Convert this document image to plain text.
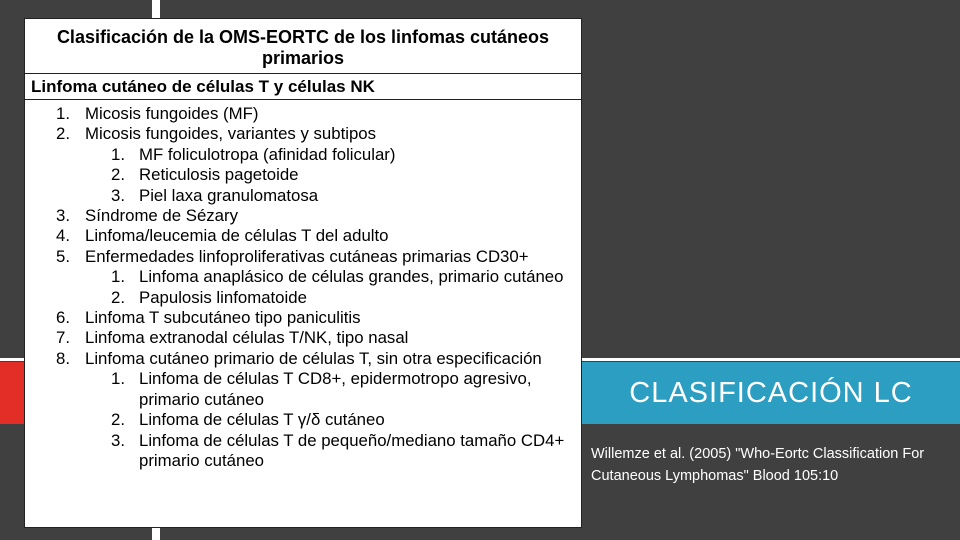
Clasificación de la OMS-EORTC de los linfomas cutáneos primarios
Linfoma cutáneo de células T y células NK
1. Micosis fungoides (MF)
2. Micosis fungoides, variantes y subtipos
1. MF foliculotropa (afinidad folicular)
2. Reticulosis pagetoide
3. Piel laxa granulomatosa
3. Síndrome de Sézary
4. Linfoma/leucemia de células T del adulto
5. Enfermedades linfoproliferativas cutáneas primarias CD30+
1. Linfoma anaplásico de células grandes, primario cutáneo
2. Papulosis linfomatoide
6. Linfoma T subcutáneo tipo paniculitis
7. Linfoma extranodal células T/NK, tipo nasal
8. Linfoma cutáneo primario de células T, sin otra especificación
1. Linfoma de células T CD8+, epidermotropo agresivo, primario cutáneo
2. Linfoma de células T γ/δ cutáneo
3. Linfoma de células T de pequeño/mediano tamaño CD4+ primario cutáneo
CLASIFICACIÓN LC
Willemze et al. (2005) "Who-Eortc Classification For Cutaneous Lymphomas" Blood 105:10
